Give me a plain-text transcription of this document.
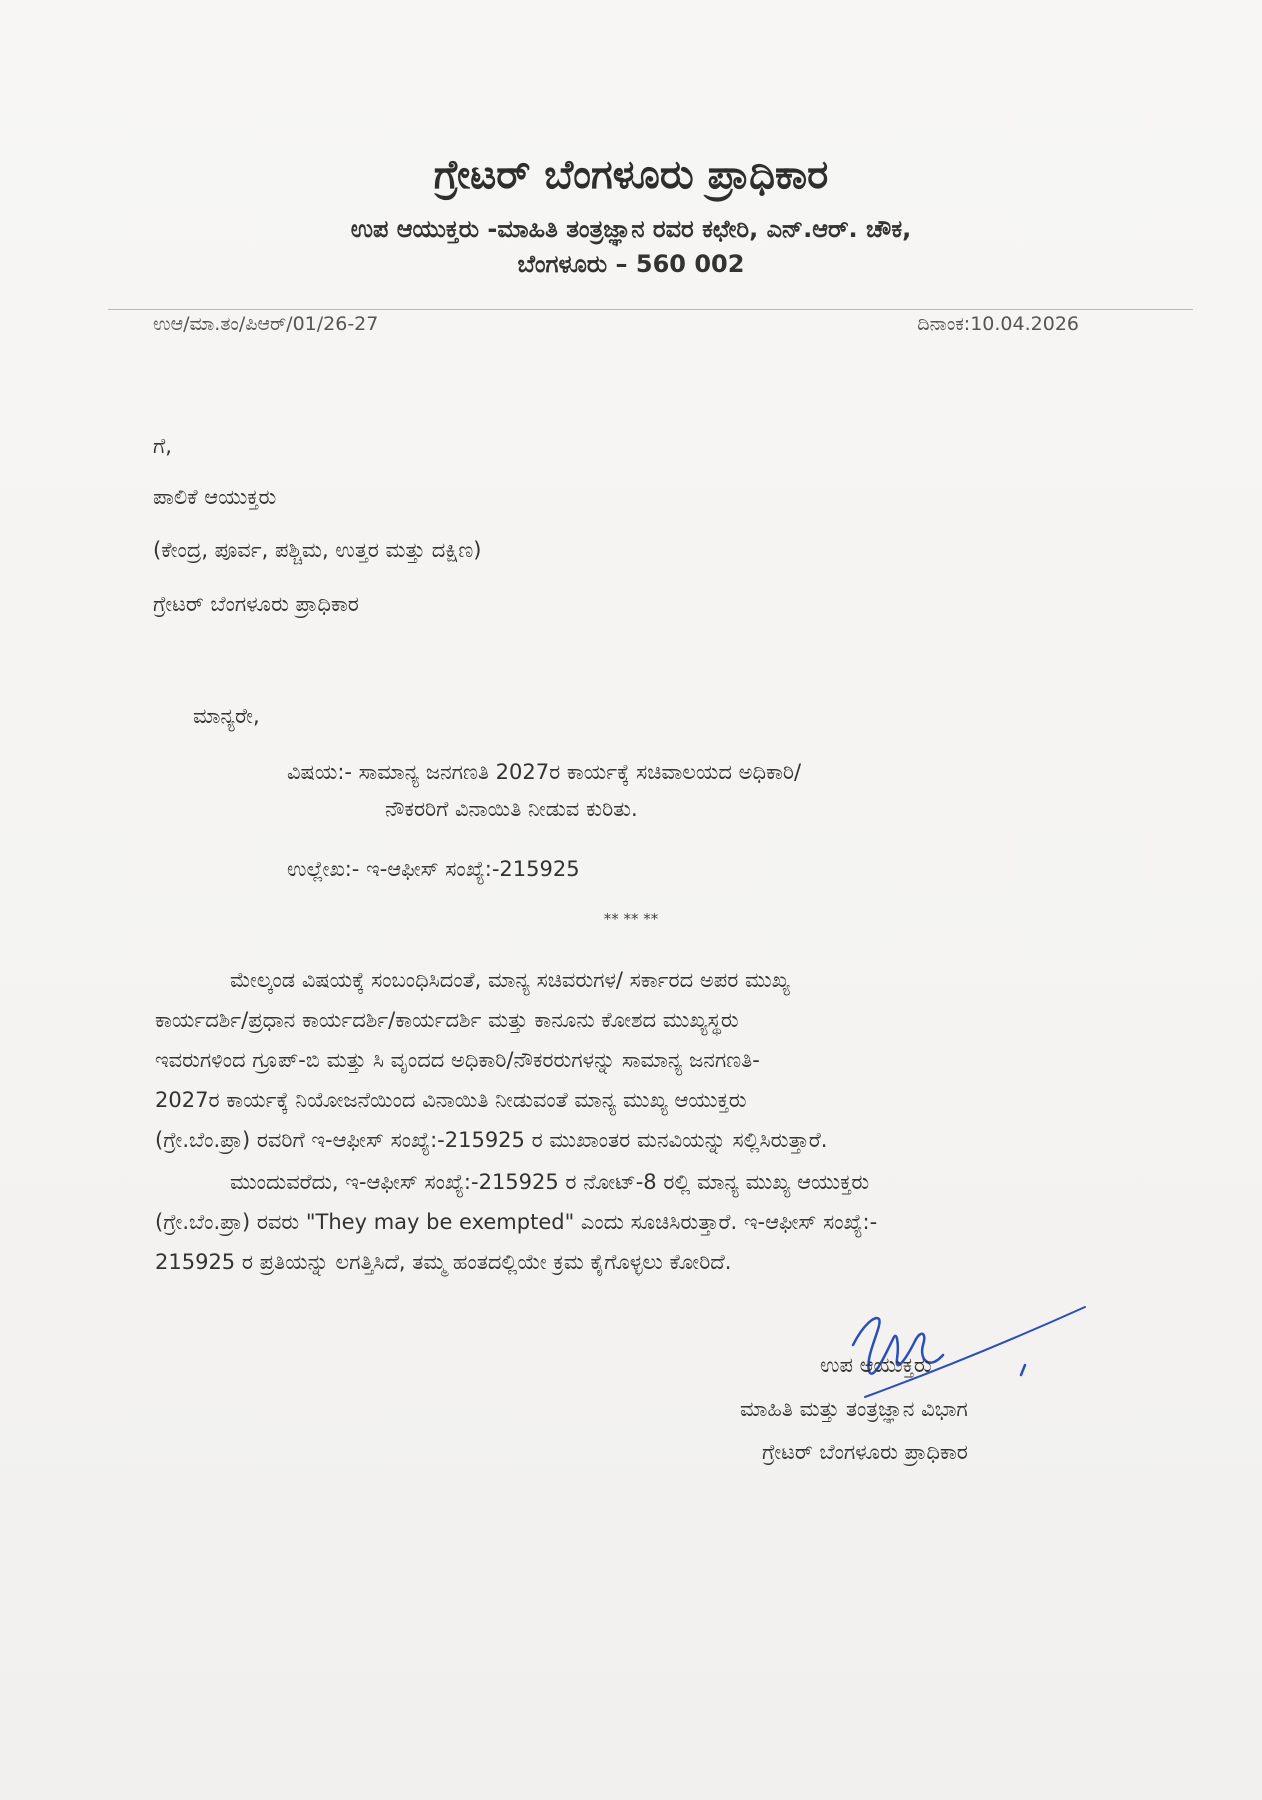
ಗ್ರೇಟರ್ ಬೆಂಗಳೂರು ಪ್ರಾಧಿಕಾರ
ಉಪ ಆಯುಕ್ತರು -ಮಾಹಿತಿ ತಂತ್ರಜ್ಞಾನ ರವರ ಕಛೇರಿ, ಎನ್.ಆರ್. ಚೌಕ,
ಬೆಂಗಳೂರು – 560 002
ಉಆ/ಮಾ.ತಂ/ಪಿಆರ್/01/26-27	ದಿನಾಂಕ:10.04.2026
ಗೆ,
ಪಾಲಿಕೆ ಆಯುಕ್ತರು
(ಕೇಂದ್ರ, ಪೂರ್ವ, ಪಶ್ಚಿಮ, ಉತ್ತರ ಮತ್ತು ದಕ್ಷಿಣ)
ಗ್ರೇಟರ್ ಬೆಂಗಳೂರು ಪ್ರಾಧಿಕಾರ
ಮಾನ್ಯರೇ,
ವಿಷಯ:- ಸಾಮಾನ್ಯ ಜನಗಣತಿ 2027ರ ಕಾರ್ಯಕ್ಕೆ ಸಚಿವಾಲಯದ ಅಧಿಕಾರಿ/
ನೌಕರರಿಗೆ ವಿನಾಯಿತಿ ನೀಡುವ ಕುರಿತು.
ಉಲ್ಲೇಖ:- ಇ-ಆಫೀಸ್ ಸಂಖ್ಯೆ:-215925
** ** **
ಮೇಲ್ಕಂಡ ವಿಷಯಕ್ಕೆ ಸಂಬಂಧಿಸಿದಂತೆ, ಮಾನ್ಯ ಸಚಿವರುಗಳ/ ಸರ್ಕಾರದ ಅಪರ ಮುಖ್ಯ
ಕಾರ್ಯದರ್ಶಿ/ಪ್ರಧಾನ ಕಾರ್ಯದರ್ಶಿ/ಕಾರ್ಯದರ್ಶಿ ಮತ್ತು ಕಾನೂನು ಕೋಶದ ಮುಖ್ಯಸ್ಥರು
ಇವರುಗಳಿಂದ ಗ್ರೂಪ್-ಬಿ ಮತ್ತು ಸಿ ವೃಂದದ ಅಧಿಕಾರಿ/ನೌಕರರುಗಳನ್ನು ಸಾಮಾನ್ಯ ಜನಗಣತಿ-
2027ರ ಕಾರ್ಯಕ್ಕೆ ನಿಯೋಜನೆಯಿಂದ ವಿನಾಯಿತಿ ನೀಡುವಂತೆ ಮಾನ್ಯ ಮುಖ್ಯ ಆಯುಕ್ತರು
(ಗ್ರೇ.ಬೆಂ.ಪ್ರಾ) ರವರಿಗೆ ಇ-ಆಫೀಸ್ ಸಂಖ್ಯೆ:-215925 ರ ಮುಖಾಂತರ ಮನವಿಯನ್ನು ಸಲ್ಲಿಸಿರುತ್ತಾರೆ.
ಮುಂದುವರೆದು, ಇ-ಆಫೀಸ್ ಸಂಖ್ಯೆ:-215925 ರ ನೋಟ್-8 ರಲ್ಲಿ ಮಾನ್ಯ ಮುಖ್ಯ ಆಯುಕ್ತರು
(ಗ್ರೇ.ಬೆಂ.ಪ್ರಾ) ರವರು "They may be exempted" ಎಂದು ಸೂಚಿಸಿರುತ್ತಾರೆ. ಇ-ಆಫೀಸ್ ಸಂಖ್ಯೆ:-
215925 ರ ಪ್ರತಿಯನ್ನು ಲಗತ್ತಿಸಿದೆ, ತಮ್ಮ ಹಂತದಲ್ಲಿಯೇ ಕ್ರಮ ಕೈಗೊಳ್ಳಲು ಕೋರಿದೆ.
ಉಪ ಆಯುಕ್ತರು
ಮಾಹಿತಿ ಮತ್ತು ತಂತ್ರಜ್ಞಾನ ವಿಭಾಗ
ಗ್ರೇಟರ್ ಬೆಂಗಳೂರು ಪ್ರಾಧಿಕಾರ
